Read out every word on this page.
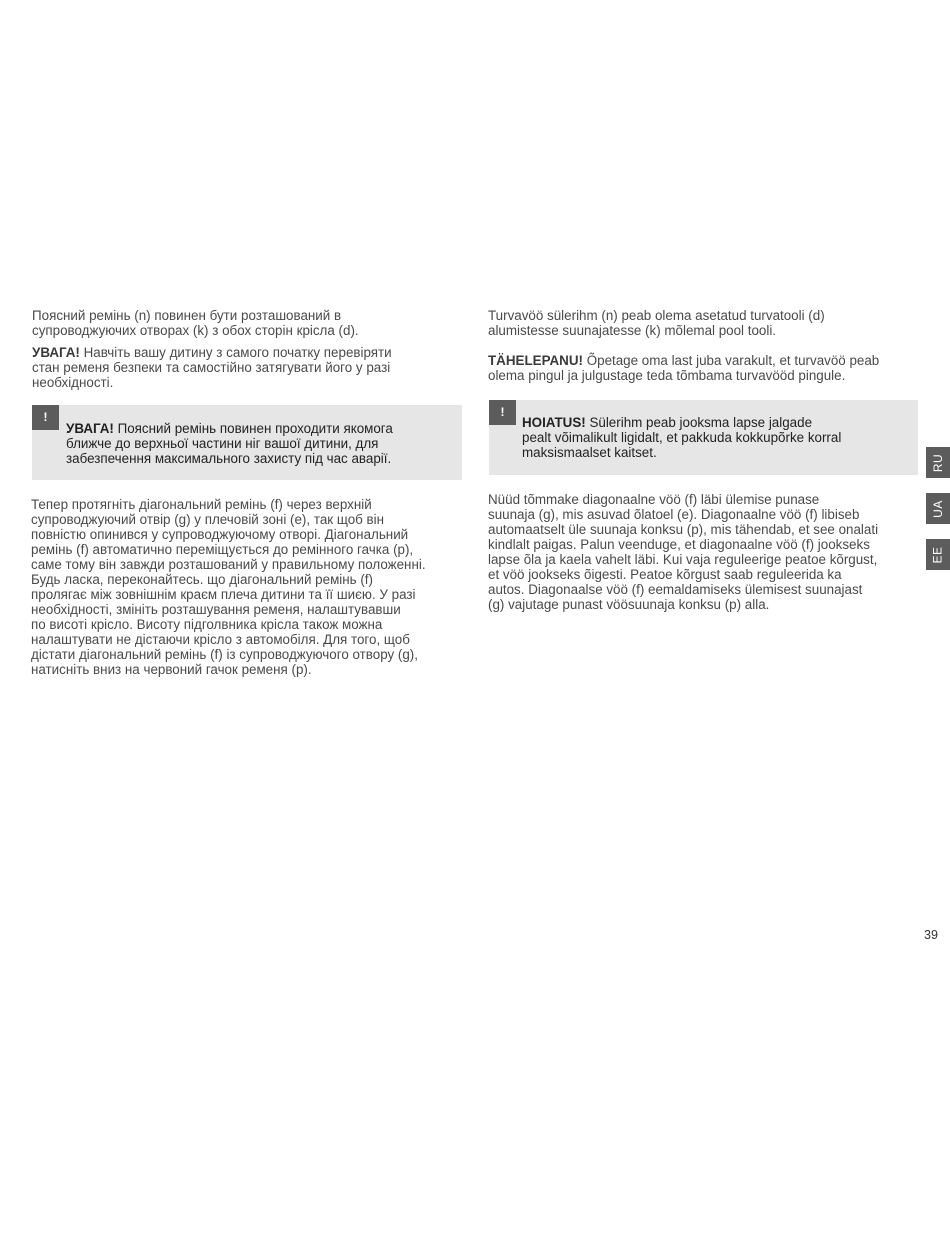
Поясний ремінь (n) повинен бути розташований в
супроводжуючих отворах (k) з обох сторін крісла (d).

УВАГА! Навчіть вашу дитину з самого початку перевіряти
стан ременя безпеки та самостійно затягувати його у разі
необхідності.

!
УВАГА! Поясний ремінь повинен проходити якомога
ближче до верхньої частини ніг вашої дитини, для
забезпечення максимального захисту під час аварії.

Тепер протягніть діагональний ремінь (f) через верхній
супроводжуючий отвір (g) у плечовій зоні (e), так щоб він
повністю опинився у супроводжуючому отворі. Діагональний
ремінь (f) автоматично переміщується до ремінного гачка (p),
саме тому він завжди розташований у правильному положенні.
Будь ласка, переконайтесь. що діагональний ремінь (f)
пролягає між зовнішнім краєм плеча дитини та її шиєю. У разі
необхідності, змініть розташування ременя, налаштувавши
по висоті крісло. Висоту підголвника крісла також можна
налаштувати не дістаючи крісло з автомобіля. Для того, щоб
дістати діагональний ремінь (f) із супроводжуючого отвору (g),
натисніть вниз на червоний гачок ременя (p).

Turvavöö sülerihm (n) peab olema asetatud turvatooli (d)
alumistesse suunajatesse (k) mõlemal pool tooli.

TÄHELEPANU! Õpetage oma last juba varakult, et turvavöö peab
olema pingul ja julgustage teda tõmbama turvavööd pingule.

!
HOIATUS! Sülerihm peab jooksma lapse jalgade
pealt võimalikult ligidalt, et pakkuda kokkupõrke korral
maksismaalset kaitset.

Nüüd tõmmake diagonaalne vöö (f) läbi ülemise punase
suunaja (g), mis asuvad õlatoel (e). Diagonaalne vöö (f) libiseb
automaatselt üle suunaja konksu (p), mis tähendab, et see onalati
kindlalt paigas. Palun veenduge, et diagonaalne vöö (f) jookseks
lapse õla ja kaela vahelt läbi. Kui vaja reguleerige peatoe kõrgust,
et vöö jookseks õigesti. Peatoe kõrgust saab reguleerida ka
autos. Diagonaalse vöö (f) eemaldamiseks ülemisest suunajast
(g) vajutage punast vöösuunaja konksu (p) alla.

RU
UA
EE
39
